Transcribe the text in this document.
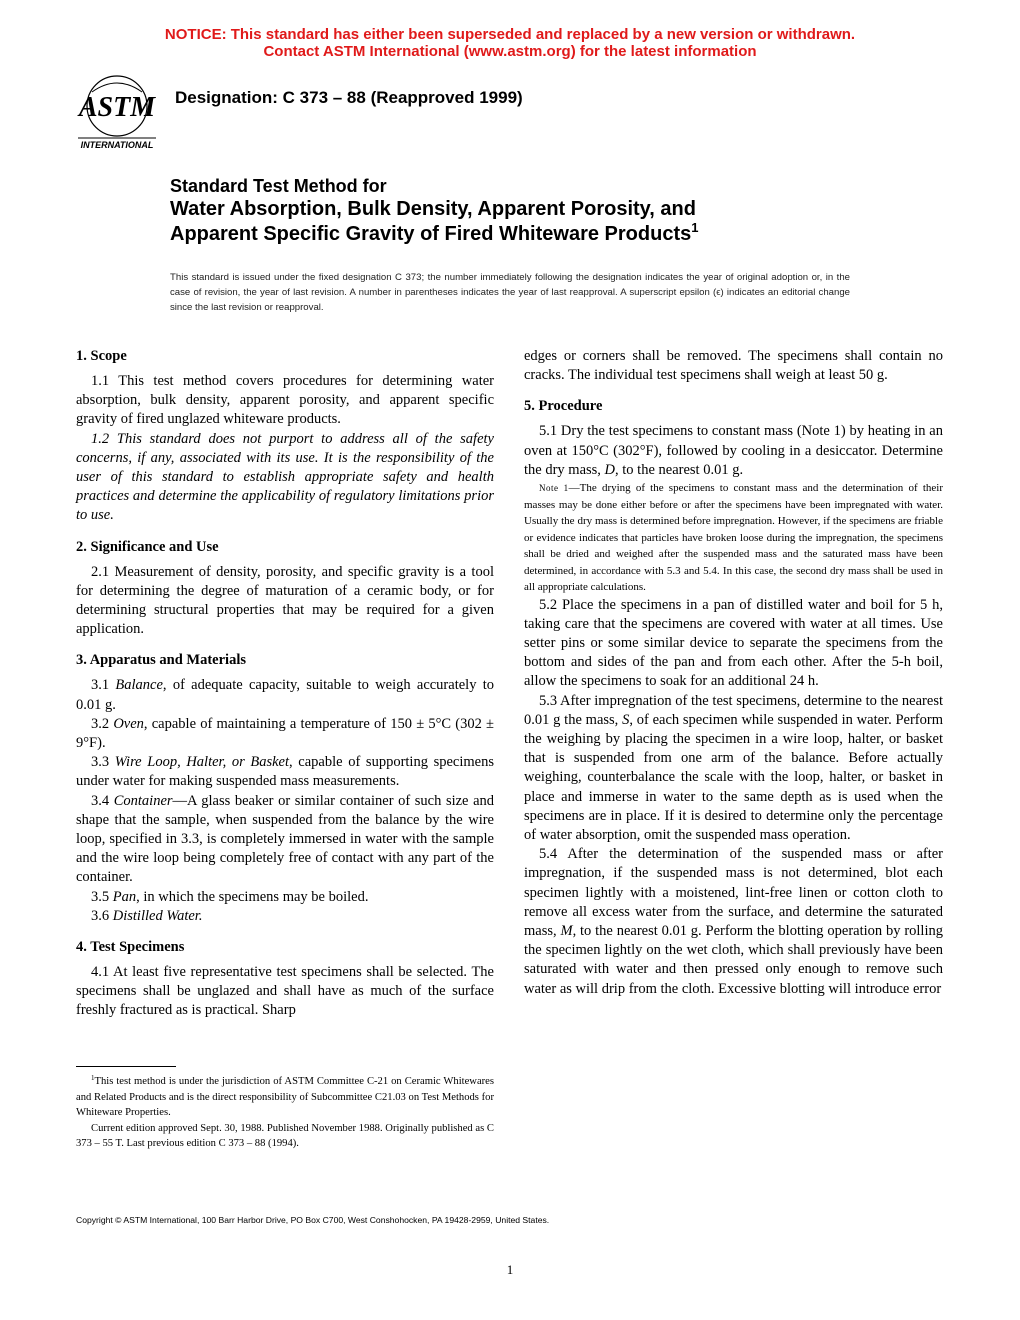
NOTICE: This standard has either been superseded and replaced by a new version or withdrawn.
Contact ASTM International (www.astm.org) for the latest information
ASTM
INTERNATIONAL
Designation: C 373 – 88 (Reapproved 1999)
Standard Test Method for
Water Absorption, Bulk Density, Apparent Porosity, and
Apparent Specific Gravity of Fired Whiteware Products$^1$
This standard is issued under the fixed designation C 373; the number immediately following the designation indicates the year of original adoption or, in the case of revision, the year of last revision. A number in parentheses indicates the year of last reapproval. A superscript epsilon (ϵ) indicates an editorial change since the last revision or reapproval.
1. Scope

1.1 This test method covers procedures for determining water absorption, bulk density, apparent porosity, and apparent specific gravity of fired unglazed whiteware products.

1.2 This standard does not purport to address all of the safety concerns, if any, associated with its use. It is the responsibility of the user of this standard to establish appropriate safety and health practices and determine the applicability of regulatory limitations prior to use.

2. Significance and Use

2.1 Measurement of density, porosity, and specific gravity is a tool for determining the degree of maturation of a ceramic body, or for determining structural properties that may be required for a given application.

3. Apparatus and Materials

3.1 Balance, of adequate capacity, suitable to weigh accurately to 0.01 g.

3.2 Oven, capable of maintaining a temperature of 150 ± 5°C (302 ± 9°F).

3.3 Wire Loop, Halter, or Basket, capable of supporting specimens under water for making suspended mass measurements.

3.4 Container—A glass beaker or similar container of such size and shape that the sample, when suspended from the balance by the wire loop, specified in 3.3, is completely immersed in water with the sample and the wire loop being completely free of contact with any part of the container.

3.5 Pan, in which the specimens may be boiled.

3.6 Distilled Water.

4. Test Specimens

4.1 At least five representative test specimens shall be selected. The specimens shall be unglazed and shall have as much of the surface freshly fractured as is practical. Sharp

$^1$This test method is under the jurisdiction of ASTM Committee C-21 on Ceramic Whitewares and Related Products and is the direct responsibility of Subcommittee C21.03 on Test Methods for Whiteware Properties.

Current edition approved Sept. 30, 1988. Published November 1988. Originally published as C 373 – 55 T. Last previous edition C 373 – 88 (1994).

edges or corners shall be removed. The specimens shall contain no cracks. The individual test specimens shall weigh at least 50 g.

5. Procedure

5.1 Dry the test specimens to constant mass (Note 1) by heating in an oven at 150°C (302°F), followed by cooling in a desiccator. Determine the dry mass, D, to the nearest 0.01 g.

Note 1—The drying of the specimens to constant mass and the determination of their masses may be done either before or after the specimens have been impregnated with water. Usually the dry mass is determined before impregnation. However, if the specimens are friable or evidence indicates that particles have broken loose during the impregnation, the specimens shall be dried and weighed after the suspended mass and the saturated mass have been determined, in accordance with 5.3 and 5.4. In this case, the second dry mass shall be used in all appropriate calculations.

5.2 Place the specimens in a pan of distilled water and boil for 5 h, taking care that the specimens are covered with water at all times. Use setter pins or some similar device to separate the specimens from the bottom and sides of the pan and from each other. After the 5-h boil, allow the specimens to soak for an additional 24 h.

5.3 After impregnation of the test specimens, determine to the nearest 0.01 g the mass, S, of each specimen while suspended in water. Perform the weighing by placing the specimen in a wire loop, halter, or basket that is suspended from one arm of the balance. Before actually weighing, counterbalance the scale with the loop, halter, or basket in place and immerse in water to the same depth as is used when the specimens are in place. If it is desired to determine only the percentage of water absorption, omit the suspended mass operation.

5.4 After the determination of the suspended mass or after impregnation, if the suspended mass is not determined, blot each specimen lightly with a moistened, lint-free linen or cotton cloth to remove all excess water from the surface, and determine the saturated mass, M, to the nearest 0.01 g. Perform the blotting operation by rolling the specimen lightly on the wet cloth, which shall previously have been saturated with water and then pressed only enough to remove such water as will drip from the cloth. Excessive blotting will introduce error

Copyright © ASTM International, 100 Barr Harbor Drive, PO Box C700, West Conshohocken, PA 19428-2959, United States.
1
